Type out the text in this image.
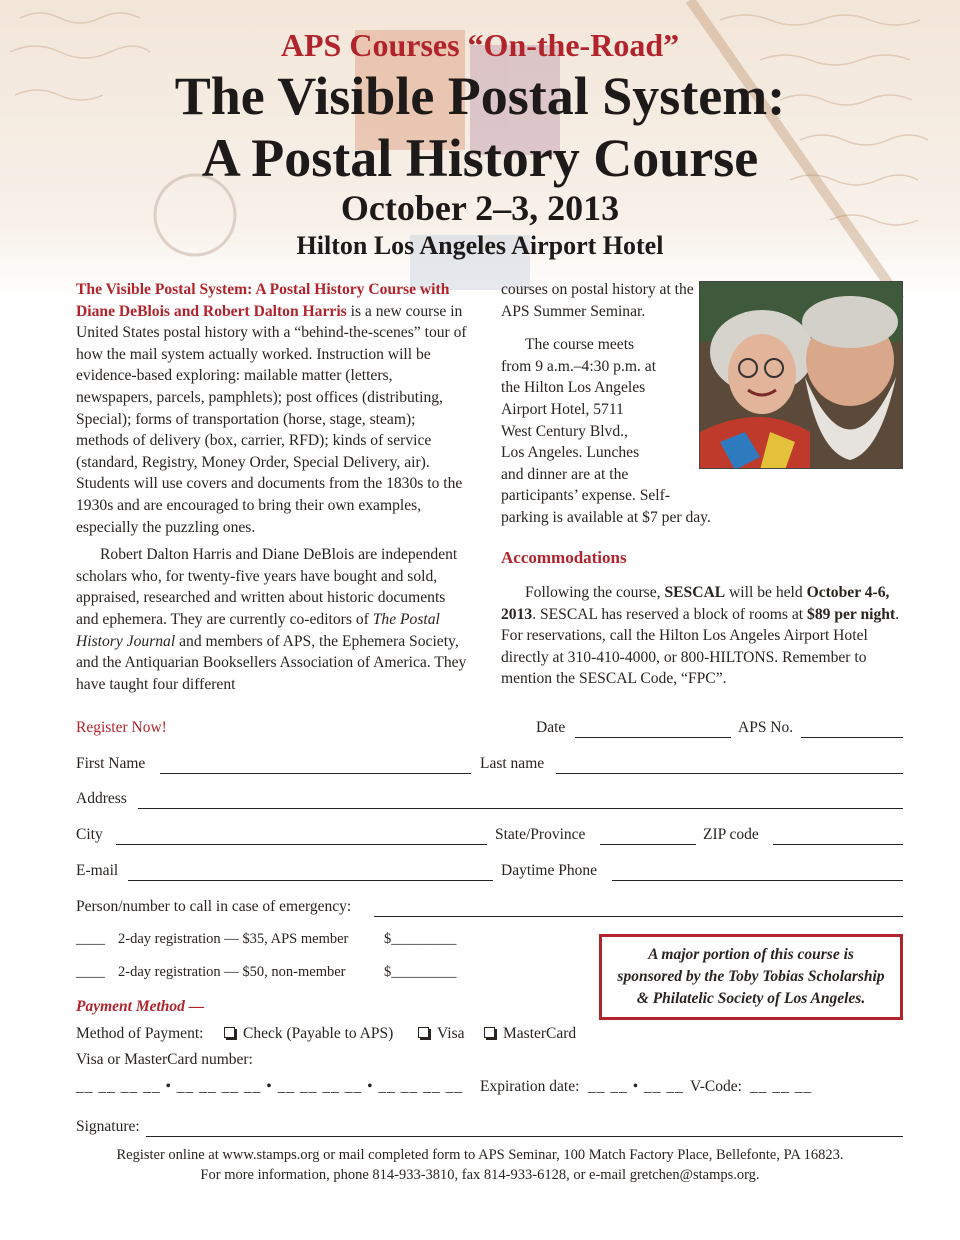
APS Courses “On-the-Road”
The Visible Postal System:
A Postal History Course
October 2–3, 2013
Hilton Los Angeles Airport Hotel

The Visible Postal System: A Postal History Course with Diane DeBlois and Robert Dalton Harris is a new course in United States postal history with a “behind-the-scenes” tour of how the mail system actually worked. Instruction will be evidence-based exploring: mailable matter (letters, newspapers, parcels, pamphlets); post offices (distributing, Special); forms of transportation (horse, stage, steam); methods of delivery (box, carrier, RFD); kinds of service (standard, Registry, Money Order, Special Delivery, air). Students will use covers and documents from the 1830s to the 1930s and are encouraged to bring their own examples, especially the puzzling ones.

Robert Dalton Harris and Diane DeBlois are independent scholars who, for twenty-five years have bought and sold, appraised, researched and written about historic documents and ephemera. They are currently co-editors of The Postal History Journal and members of APS, the Ephemera Society, and the Antiquarian Booksellers Association of America. They have taught four different

courses on postal history at the APS Summer Seminar.

The course meets
from 9 a.m.–4:30 p.m. at
the Hilton Los Angeles
Airport Hotel, 5711
West Century Blvd.,
Los Angeles. Lunches
and dinner are at the
participants’ expense. Self-
parking is available at $7 per day.
Accommodations

Following the course, SESCAL will be held October 4-6, 2013. SESCAL has reserved a block of rooms at $89 per night. For reservations, call the Hilton Los Angeles Airport Hotel directly at 310-410-4000, or 800-HILTONS. Remember to mention the SESCAL Code, “FPC”.

Register Now!	Date	APS No.
First Name	Last name
Address
City	State/Province	ZIP code
E-mail	Daytime Phone
Person/number to call in case of emergency:
____ 2-day registration — $35, APS member $_________
____ 2-day registration — $50, non-member	$_________
Payment Method —
Method of Payment:	Check (Payable to APS)	Visa	MasterCard
Visa or MasterCard number:
__ __ __ __ • __ __ __ __ • __ __ __ __ • __ __ __ __ Expiration date: __ __ • __ __ V-Code: __ __ __
Signature:
A major portion of this course is
sponsored by the Toby Tobias Scholarship
& Philatelic Society of Los Angeles.
Register online at www.stamps.org or mail completed form to APS Seminar, 100 Match Factory Place, Bellefonte, PA 16823.
For more information, phone 814-933-3810, fax 814-933-6128, or e-mail gretchen@stamps.org.
